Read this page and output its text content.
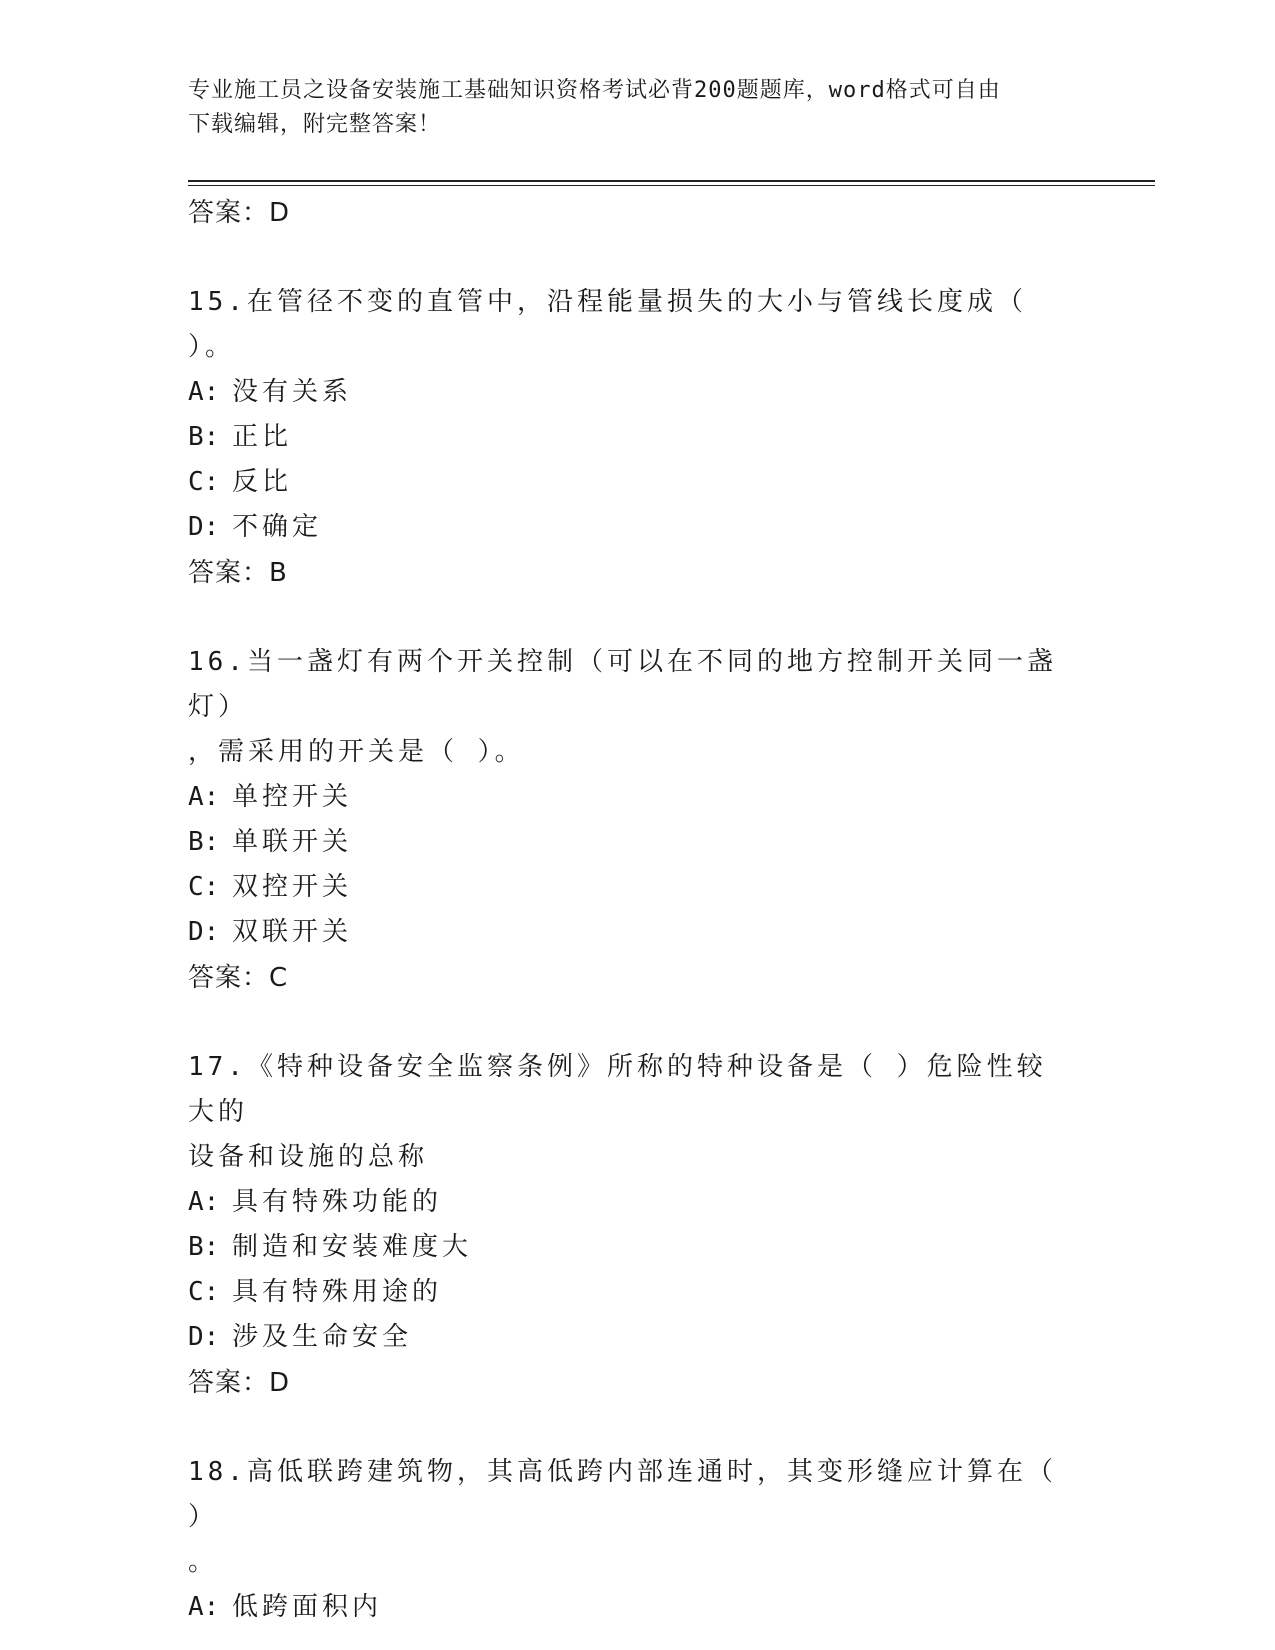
专业施工员之设备安装施工基础知识资格考试必背200题题库，word格式可自由
下载编辑，附完整答案！
答案：D
15.在管径不变的直管中，沿程能量损失的大小与管线长度成（ ）。
A: 没有关系
B: 正比
C: 反比
D: 不确定
答案：B
16.当一盏灯有两个开关控制（可以在不同的地方控制开关同一盏灯）
，需采用的开关是（ ）。
A: 单控开关
B: 单联开关
C: 双控开关
D: 双联开关
答案：C
17.《特种设备安全监察条例》所称的特种设备是（ ）危险性较大的
设备和设施的总称
A: 具有特殊功能的
B: 制造和安装难度大
C: 具有特殊用途的
D: 涉及生命安全
答案：D
18.高低联跨建筑物，其高低跨内部连通时，其变形缝应计算在（ ）
。
A: 低跨面积内
